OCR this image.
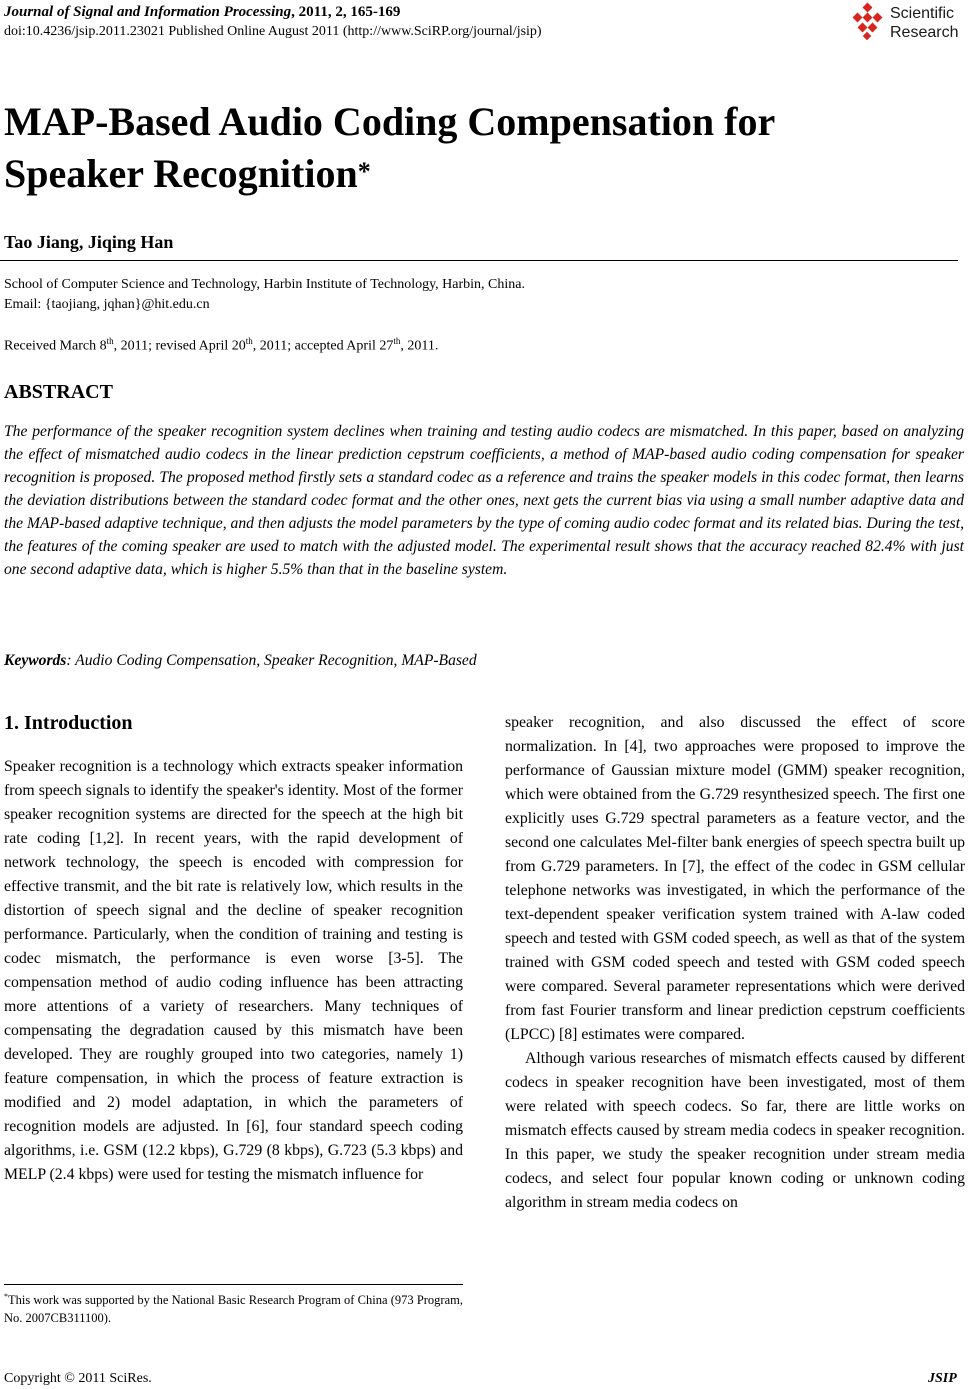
Journal of Signal and Information Processing, 2011, 2, 165-169
doi:10.4236/jsip.2011.23021 Published Online August 2011 (http://www.SciRP.org/journal/jsip)
Scientific
Research
MAP-Based Audio Coding Compensation for
Speaker Recognition*
Tao Jiang, Jiqing Han
School of Computer Science and Technology, Harbin Institute of Technology, Harbin, China.
Email: {taojiang, jqhan}@hit.edu.cn
Received March 8th, 2011; revised April 20th, 2011; accepted April 27th, 2011.
ABSTRACT
The performance of the speaker recognition system declines when training and testing audio codecs are mismatched. In this paper, based on analyzing the effect of mismatched audio codecs in the linear prediction cepstrum coefficients, a method of MAP-based audio coding compensation for speaker recognition is proposed. The proposed method firstly sets a standard codec as a reference and trains the speaker models in this codec format, then learns the deviation distributions between the standard codec format and the other ones, next gets the current bias via using a small number adaptive data and the MAP-based adaptive technique, and then adjusts the model parameters by the type of coming audio codec format and its related bias. During the test, the features of the coming speaker are used to match with the adjusted model. The experimental result shows that the accuracy reached 82.4% with just one second adaptive data, which is higher 5.5% than that in the baseline system.
Keywords: Audio Coding Compensation, Speaker Recognition, MAP-Based
1. Introduction
Speaker recognition is a technology which extracts speaker information from speech signals to identify the speaker's identity. Most of the former speaker recognition systems are directed for the speech at the high bit rate coding [1,2]. In recent years, with the rapid development of network technology, the speech is encoded with compression for effective transmit, and the bit rate is relatively low, which results in the distortion of speech signal and the decline of speaker recognition performance. Particularly, when the condition of training and testing is codec mismatch, the performance is even worse [3-5]. The compensation method of audio coding influence has been attracting more attentions of a variety of researchers. Many techniques of compensating the degradation caused by this mismatch have been developed. They are roughly grouped into two categories, namely 1) feature compensation, in which the process of feature extraction is modified and 2) model adaptation, in which the parameters of recognition models are adjusted. In [6], four standard speech coding algorithms, i.e. GSM (12.2 kbps), G.729 (8 kbps), G.723 (5.3 kbps) and MELP (2.4 kbps) were used for testing the mismatch influence for
speaker recognition, and also discussed the effect of score normalization. In [4], two approaches were proposed to improve the performance of Gaussian mixture model (GMM) speaker recognition, which were obtained from the G.729 resynthesized speech. The first one explicitly uses G.729 spectral parameters as a feature vector, and the second one calculates Mel-filter bank energies of speech spectra built up from G.729 parameters. In [7], the effect of the codec in GSM cellular telephone networks was investigated, in which the performance of the text-dependent speaker verification system trained with A-law coded speech and tested with GSM coded speech, as well as that of the system trained with GSM coded speech and tested with GSM coded speech were compared. Several parameter representations which were derived from fast Fourier transform and linear prediction cepstrum coefficients (LPCC) [8] estimates were compared.
Although various researches of mismatch effects caused by different codecs in speaker recognition have been investigated, most of them were related with speech codecs. So far, there are little works on mismatch effects caused by stream media codecs in speaker recognition. In this paper, we study the speaker recognition under stream media codecs, and select four popular known coding or unknown coding algorithm in stream media codecs on
*This work was supported by the National Basic Research Program of China (973 Program, No. 2007CB311100).
Copyright © 2011 SciRes.	JSIP
